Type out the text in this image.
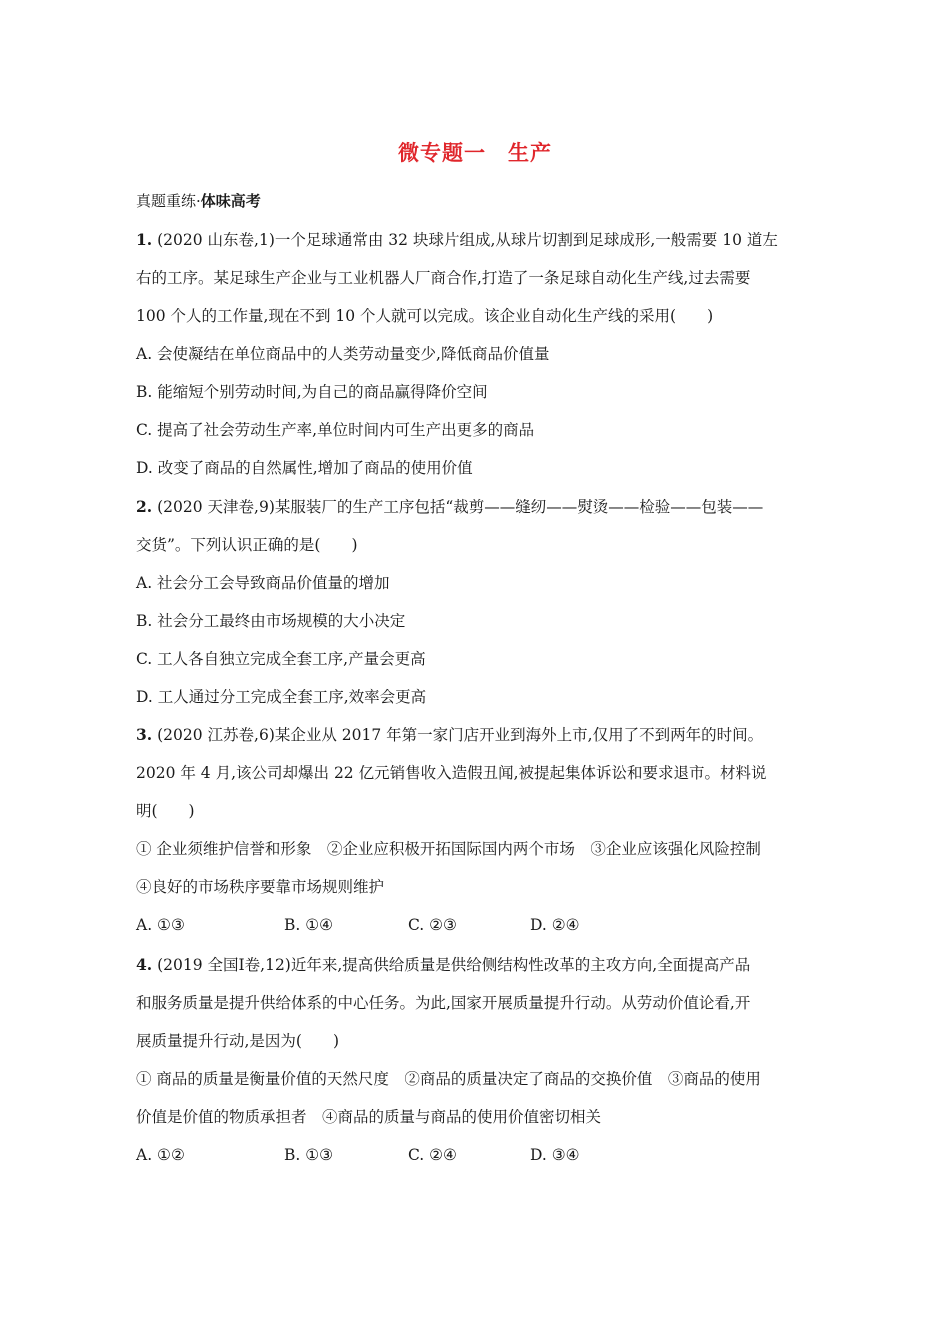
微专题一　生产
真题重练·体味高考
1. (2020 山东卷,1)一个足球通常由 32 块球片组成,从球片切割到足球成形,一般需要 10 道左
右的工序。某足球生产企业与工业机器人厂商合作,打造了一条足球自动化生产线,过去需要
100 个人的工作量,现在不到 10 个人就可以完成。该企业自动化生产线的采用(　　)
A. 会使凝结在单位商品中的人类劳动量变少,降低商品价值量
B. 能缩短个别劳动时间,为自己的商品赢得降价空间
C. 提高了社会劳动生产率,单位时间内可生产出更多的商品
D. 改变了商品的自然属性,增加了商品的使用价值
2. (2020 天津卷,9)某服装厂的生产工序包括“裁剪——缝纫——熨烫——检验——包装——
交货”。下列认识正确的是(　　)
A. 社会分工会导致商品价值量的增加
B. 社会分工最终由市场规模的大小决定
C. 工人各自独立完成全套工序,产量会更高
D. 工人通过分工完成全套工序,效率会更高
3. (2020 江苏卷,6)某企业从 2017 年第一家门店开业到海外上市,仅用了不到两年的时间。
2020 年 4 月,该公司却爆出 22 亿元销售收入造假丑闻,被提起集体诉讼和要求退市。材料说
明(　　)
① 企业须维护信誉和形象　②企业应积极开拓国际国内两个市场　③企业应该强化风险控制
④良好的市场秩序要靠市场规则维护
A. ①③	B. ①④	C. ②③	D. ②④
4. (2019 全国Ⅰ卷,12)近年来,提高供给质量是供给侧结构性改革的主攻方向,全面提高产品
和服务质量是提升供给体系的中心任务。为此,国家开展质量提升行动。从劳动价值论看,开
展质量提升行动,是因为(　　)
① 商品的质量是衡量价值的天然尺度　②商品的质量决定了商品的交换价值　③商品的使用
价值是价值的物质承担者　④商品的质量与商品的使用价值密切相关
A. ①②	B. ①③	C. ②④	D. ③④
